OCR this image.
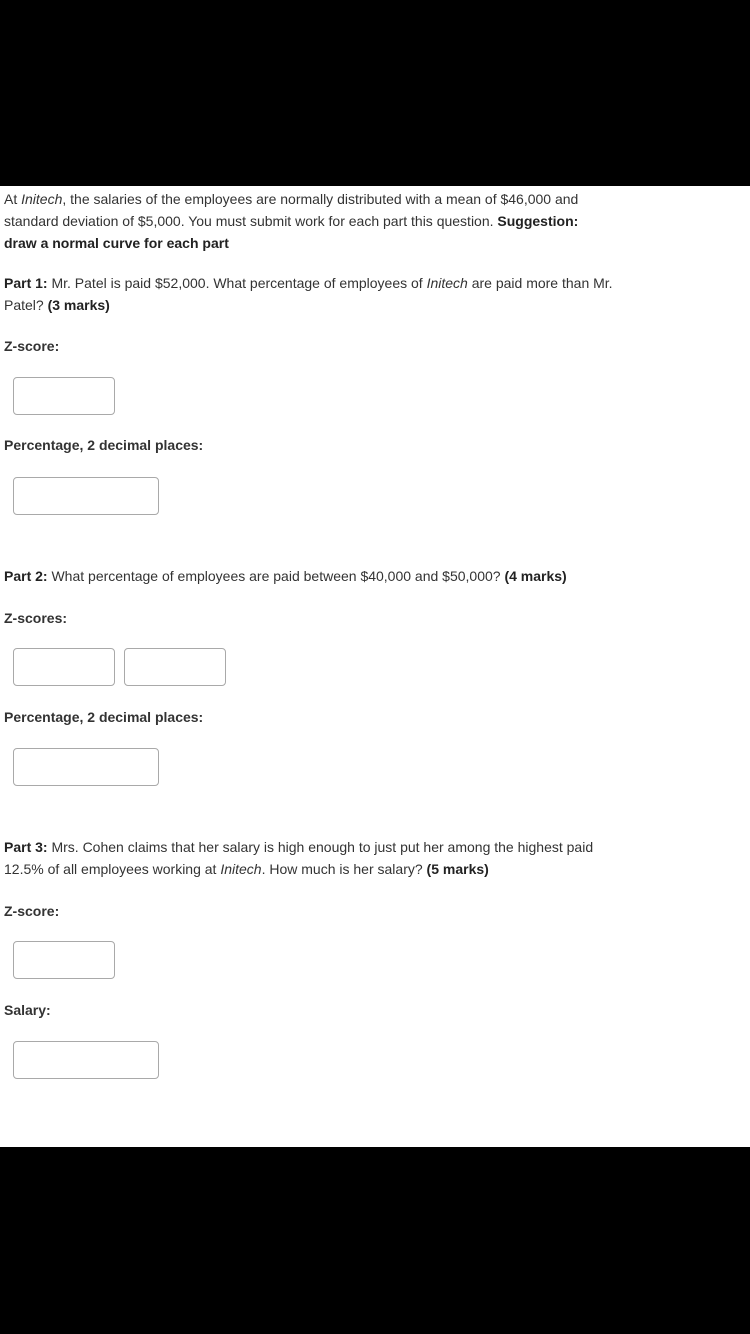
At Initech, the salaries of the employees are normally distributed with a mean of $46,000 and
standard deviation of $5,000. You must submit work for each part this question. Suggestion:
draw a normal curve for each part
Part 1: Mr. Patel is paid $52,000. What percentage of employees of Initech are paid more than Mr.
Patel? (3 marks)
Z-score:
Percentage, 2 decimal places:
Part 2: What percentage of employees are paid between $40,000 and $50,000? (4 marks)
Z-scores:
Percentage, 2 decimal places:
Part 3: Mrs. Cohen claims that her salary is high enough to just put her among the highest paid
12.5% of all employees working at Initech. How much is her salary? (5 marks)
Z-score:
Salary:
